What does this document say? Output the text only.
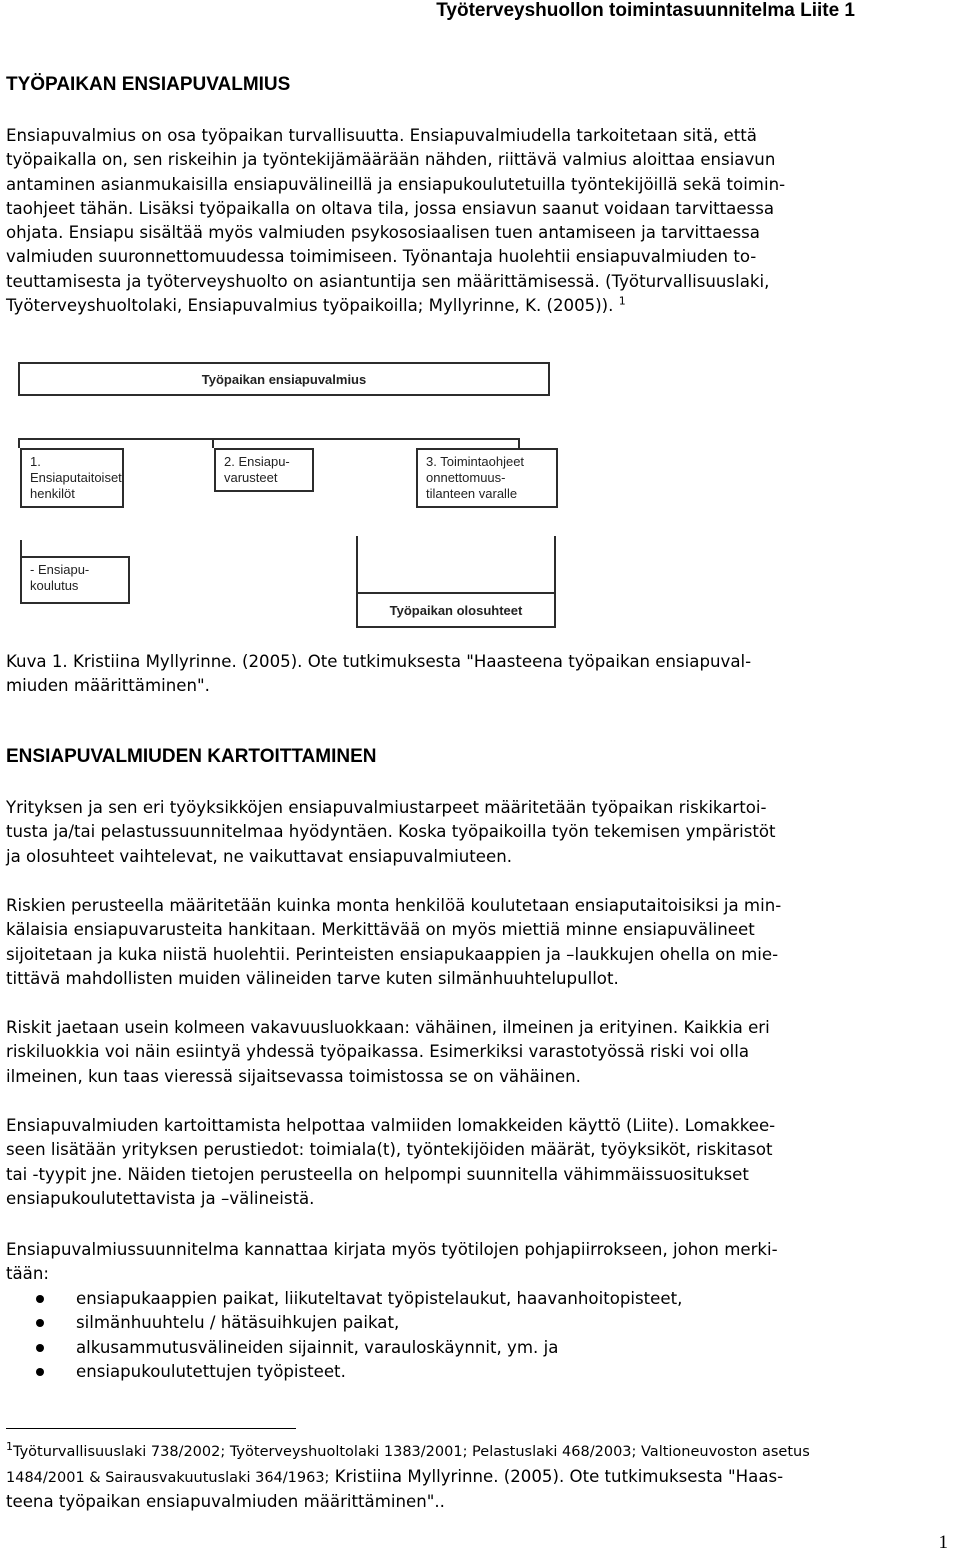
Työterveyshuollon toimintasuunnitelma Liite 1
TYÖPAIKAN ENSIAPUVALMIUS

Ensiapuvalmius on osa työpaikan turvallisuutta. Ensiapuvalmiudella tarkoitetaan sitä, että
työpaikalla on, sen riskeihin ja työntekijämäärään nähden, riittävä valmius aloittaa ensiavun
antaminen asianmukaisilla ensiapuvälineillä ja ensiapukoulutetuilla työntekijöillä sekä toimin-
taohjeet tähän. Lisäksi työpaikalla on oltava tila, jossa ensiavun saanut voidaan tarvittaessa
ohjata. Ensiapu sisältää myös valmiuden psykososiaalisen tuen antamiseen ja tarvittaessa
valmiuden suuronnettomuudessa toimimiseen. Työnantaja huolehtii ensiapuvalmiuden to-
teuttamisesta ja työterveyshuolto on asiantuntija sen määrittämisessä. (Työturvallisuuslaki,
Työterveyshuoltolaki, Ensiapuvalmius työpaikoilla; Myllyrinne, K. (2005)). $^1$

Työpaikan ensiapuvalmius
1.
Ensiaputaitoiset
henkilöt
2. Ensiapu-
varusteet
3. Toimintaohjeet
onnettomuus-
tilanteen varalle
- Ensiapu-
koulutus
Työpaikan olosuhteet

Kuva 1. Kristiina Myllyrinne. (2005). Ote tutkimuksesta "Haasteena työpaikan ensiapuval-
miuden määrittäminen".

ENSIAPUVALMIUDEN KARTOITTAMINEN

Yrityksen ja sen eri työyksikköjen ensiapuvalmiustarpeet määritetään työpaikan riskikartoi-
tusta ja/tai pelastussuunnitelmaa hyödyntäen. Koska työpaikoilla työn tekemisen ympäristöt
ja olosuhteet vaihtelevat, ne vaikuttavat ensiapuvalmiuteen.

Riskien perusteella määritetään kuinka monta henkilöä koulutetaan ensiaputaitoisiksi ja min-
kälaisia ensiapuvarusteita hankitaan. Merkittävää on myös miettiä minne ensiapuvälineet
sijoitetaan ja kuka niistä huolehtii. Perinteisten ensiapukaappien ja –laukkujen ohella on mie-
tittävä mahdollisten muiden välineiden tarve kuten silmänhuuhtelupullot.

Riskit jaetaan usein kolmeen vakavuusluokkaan: vähäinen, ilmeinen ja erityinen. Kaikkia eri
riskiluokkia voi näin esiintyä yhdessä työpaikassa. Esimerkiksi varastotyössä riski voi olla
ilmeinen, kun taas vieressä sijaitsevassa toimistossa se on vähäinen.

Ensiapuvalmiuden kartoittamista helpottaa valmiiden lomakkeiden käyttö (Liite). Lomakkee-
seen lisätään yrityksen perustiedot: toimiala(t), työntekijöiden määrät, työyksiköt, riskitasot
tai -tyypit jne. Näiden tietojen perusteella on helpompi suunnitella vähimmäissuositukset
ensiapukoulutettavista ja –välineistä.

Ensiapuvalmiussuunnitelma kannattaa kirjata myös työtilojen pohjapiirrokseen, johon merki-
tään:

ensiapukaappien paikat, liikuteltavat työpistelaukut, haavanhoitopisteet,
silmänhuuhtelu / hätäsuihkujen paikat,
alkusammutusvälineiden sijainnit, varauloskäynnit, ym. ja
ensiapukoulutettujen työpisteet.
$^1$Työturvallisuuslaki 738/2002; Työterveyshuoltolaki 1383/2001; Pelastuslaki 468/2003; Valtioneuvoston asetus
1484/2001 & Sairausvakuutuslaki 364/1963; Kristiina Myllyrinne. (2005). Ote tutkimuksesta "Haas-
teena työpaikan ensiapuvalmiuden määrittäminen"..
1
